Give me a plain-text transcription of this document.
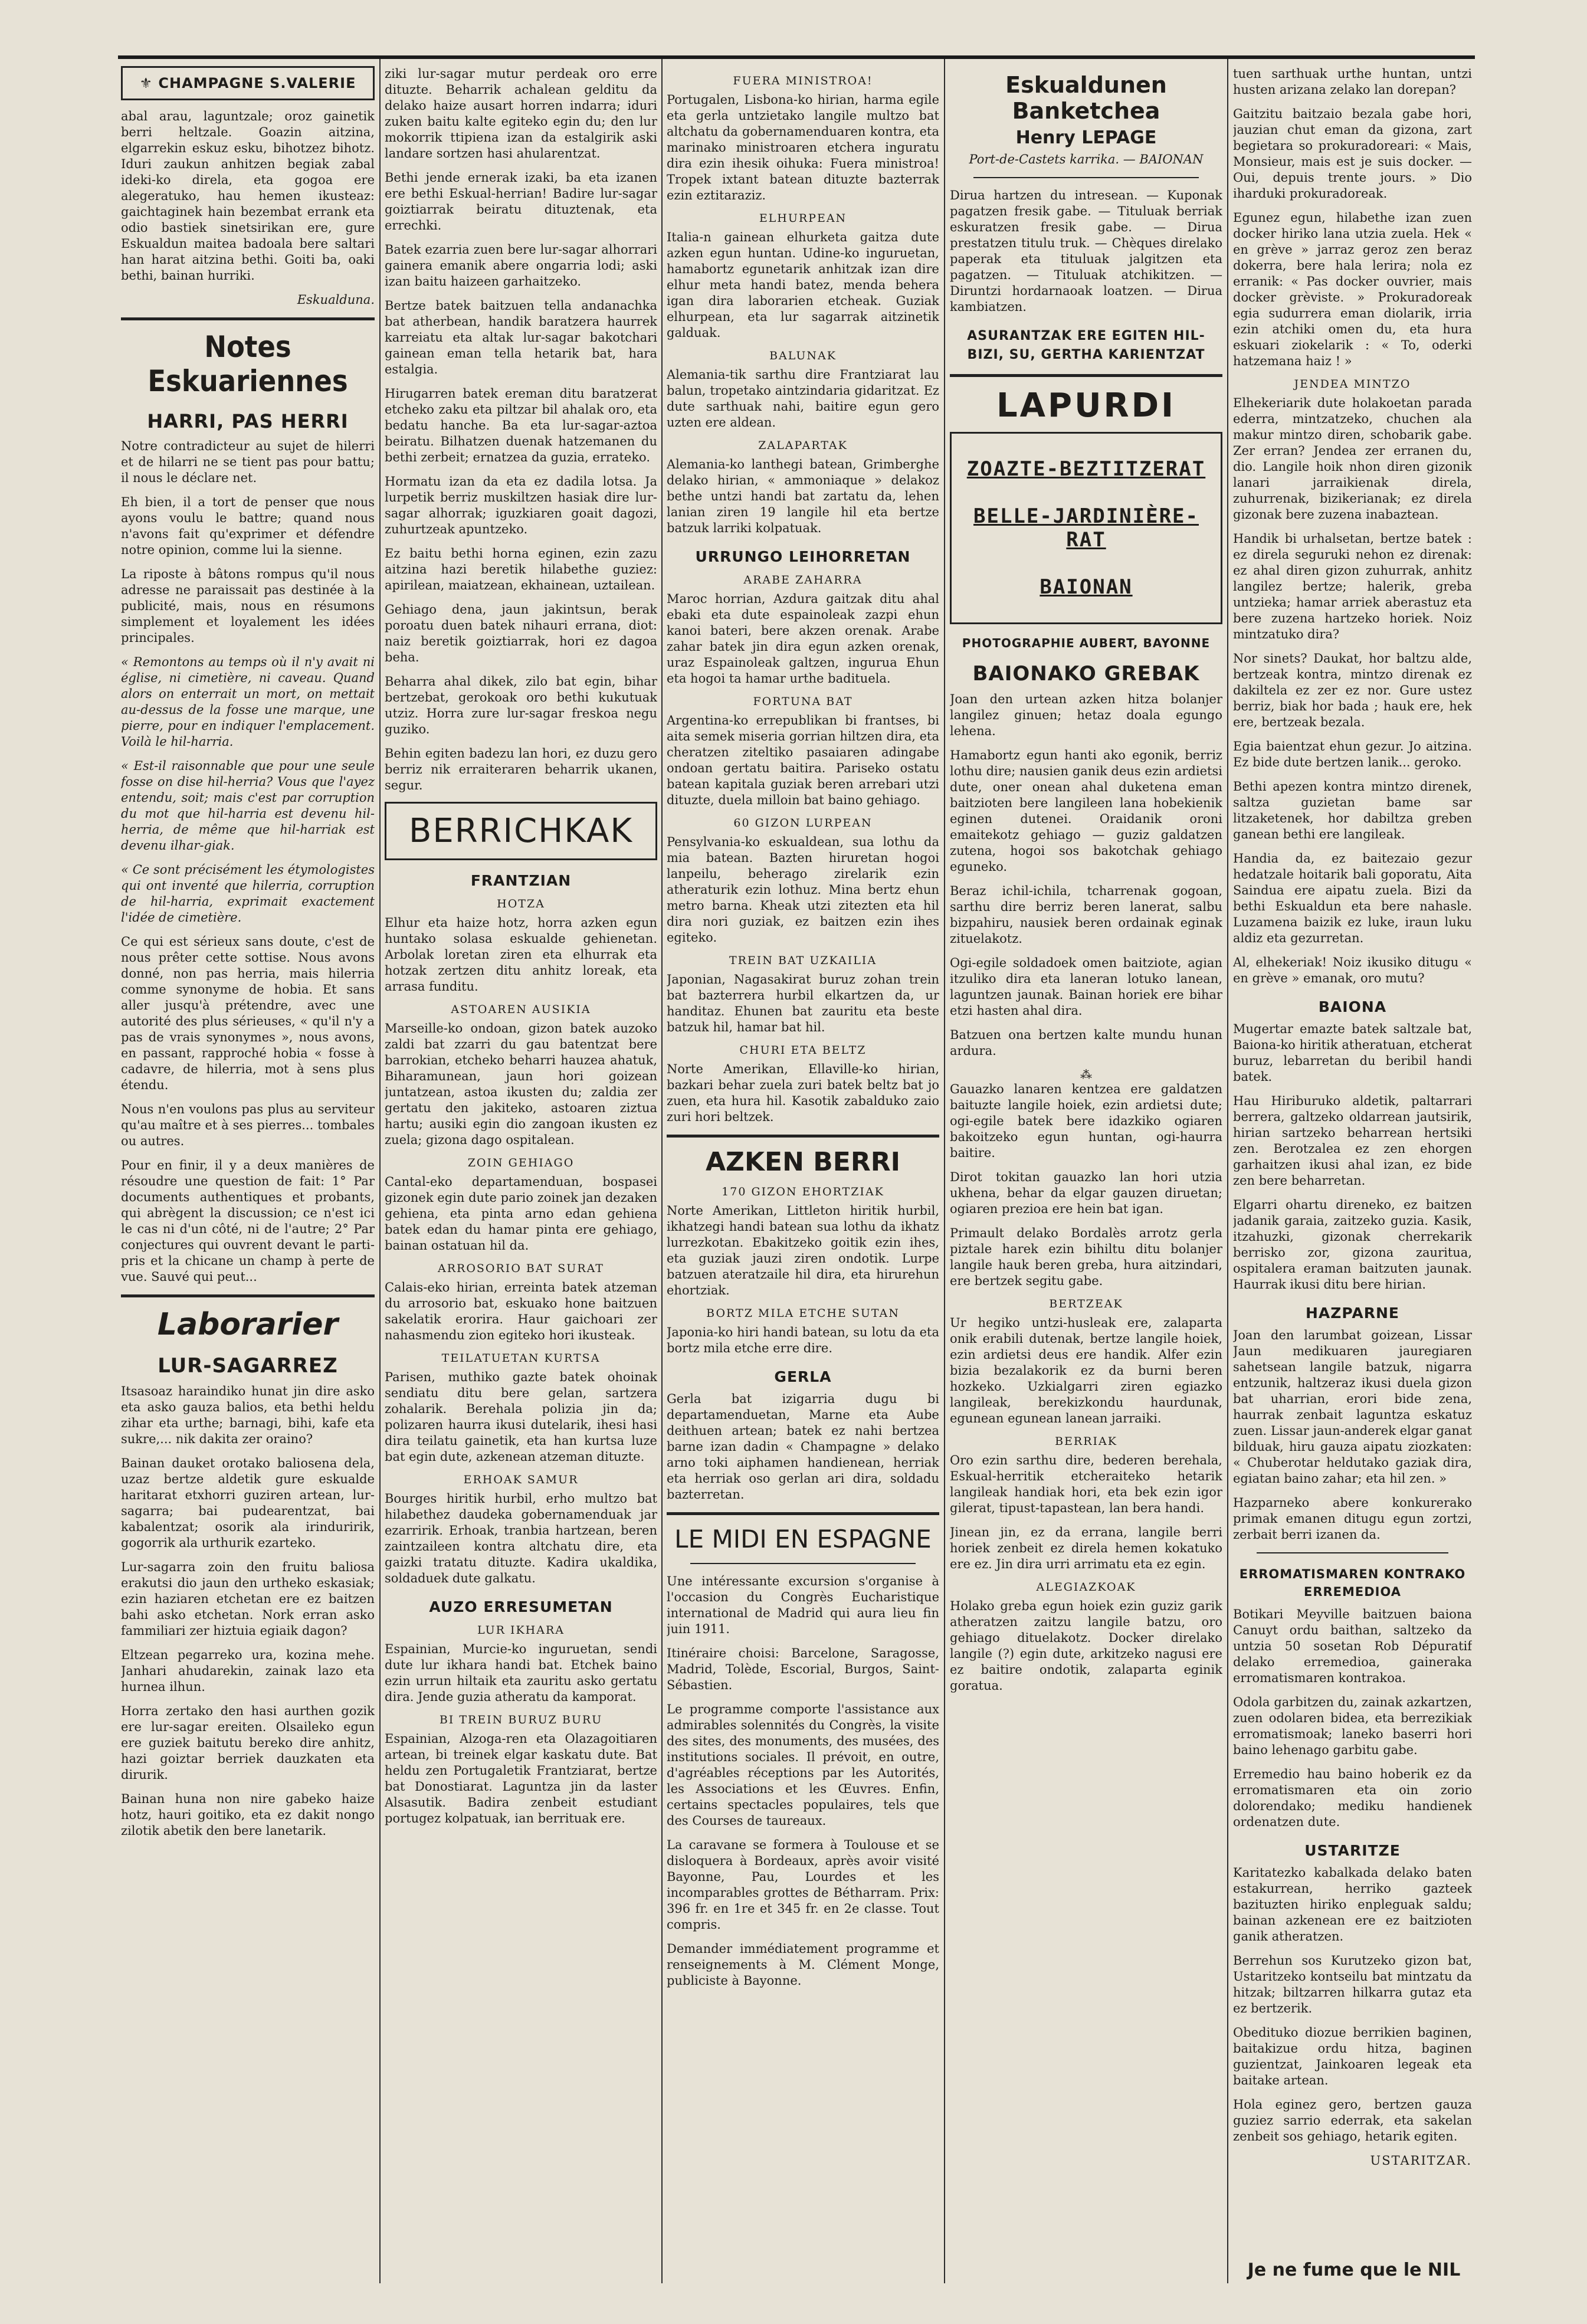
⚜ CHAMPAGNE S.VALERIE

abal arau, laguntzale; oroz gainetik berri heltzale. Goazin aitzina, elgarrekin eskuz esku, bihotzez bihotz. Iduri zaukun anhitzen begiak zabal ideki-ko direla, eta gogoa ere alegeratuko, hau hemen ikusteaz: gaichtaginek hain bezembat errank eta odio bastiek sinetsirikan ere, gure Eskualdun maitea badoala bere saltari han harat aitzina bethi. Goiti ba, oaki bethi, bainan hurriki.

Eskualduna.

Notes Eskuariennes
HARRI, PAS HERRI

Notre contradicteur au sujet de hilerri et de hilarri ne se tient pas pour battu; il nous le déclare net.

Eh bien, il a tort de penser que nous ayons voulu le battre; quand nous n'avons fait qu'exprimer et défendre notre opinion, comme lui la sienne.

La riposte à bâtons rompus qu'il nous adresse ne paraissait pas destinée à la publicité, mais, nous en résumons simplement et loyalement les idées principales.

« Remontons au temps où il n'y avait ni église, ni cimetière, ni caveau. Quand alors on enterrait un mort, on mettait au-dessus de la fosse une marque, une pierre, pour en indiquer l'emplacement. Voilà le hil-harria.

« Est-il raisonnable que pour une seule fosse on dise hil-herria? Vous que l'ayez entendu, soit; mais c'est par corruption du mot que hil-harria est devenu hil-herria, de même que hil-harriak est devenu ilhar-giak.

« Ce sont précisément les étymologistes qui ont inventé que hilerria, corruption de hil-harria, exprimait exactement l'idée de cimetière.

Ce qui est sérieux sans doute, c'est de nous prêter cette sottise. Nous avons donné, non pas herria, mais hilerria comme synonyme de hobia. Et sans aller jusqu'à prétendre, avec une autorité des plus sérieuses, « qu'il n'y a pas de vrais synonymes », nous avons, en passant, rapproché hobia « fosse à cadavre, de hilerria, mot à sens plus étendu.

Nous n'en voulons pas plus au serviteur qu'au maître et à ses pierres... tombales ou autres.

Pour en finir, il y a deux manières de résoudre une question de fait: 1° Par documents authentiques et probants, qui abrègent la discussion; ce n'est ici le cas ni d'un côté, ni de l'autre; 2° Par conjectures qui ouvrent devant le parti-pris et la chicane un champ à perte de vue. Sauvé qui peut...

Laborarier
LUR-SAGARREZ

Itsasoaz haraindiko hunat jin dire asko eta asko gauza balios, eta bethi heldu zihar eta urthe; barnagi, bihi, kafe eta sukre,... nik dakita zer oraino?

Bainan dauket orotako baliosena dela, uzaz bertze aldetik gure eskualde haritarat etxhorri guziren artean, lur-sagarra; bai pudearentzat, bai kabalentzat; osorik ala irinduririk, gogorrik ala urthurik ezarteko.

Lur-sagarra zoin den fruitu baliosa erakutsi dio jaun den urtheko eskasiak; ezin haziaren etchetan ere ez baitzen bahi asko etchetan. Nork erran asko fammiliari zer hiztuia egiaik dagon?

Eltzean pegarreko ura, kozina mehe. Janhari ahudarekin, zainak lazo eta hurnea ilhun.

Horra zertako den hasi aurthen gozik ere lur-sagar ereiten. Olsaileko egun ere guziek baitutu bereko dire anhitz, hazi goiztar berriek dauzkaten eta dirurik.

Bainan huna non nire gabeko haize hotz, hauri goitiko, eta ez dakit nongo zilotik abetik den bere lanetarik.

ziki lur-sagar mutur perdeak oro erre dituzte. Beharrik achalean gelditu da delako haize ausart horren indarra; iduri zuken baitu kalte egiteko egin du; den lur mokorrik ttipiena izan da estalgirik aski landare sortzen hasi ahularentzat.

Bethi jende ernerak izaki, ba eta izanen ere bethi Eskual-herrian! Badire lur-sagar goiztiarrak beiratu dituztenak, eta errechki.

Batek ezarria zuen bere lur-sagar alhorrari gainera emanik abere ongarria lodi; aski izan baitu haizeen garhaitzeko.

Bertze batek baitzuen tella andanachka bat atherbean, handik baratzera haurrek karreiatu eta altak lur-sagar bakotchari gainean eman tella hetarik bat, hara estalgia.

Hirugarren batek ereman ditu baratzerat etcheko zaku eta piltzar bil ahalak oro, eta bedatu hanche. Ba eta lur-sagar-aztoa beiratu. Bilhatzen duenak hatzemanen du bethi zerbeit; ernatzea da guzia, errateko.

Hormatu izan da eta ez dadila lotsa. Ja lurpetik berriz muskiltzen hasiak dire lur-sagar alhorrak; iguzkiaren goait dagozi, zuhurtzeak apuntzeko.

Ez baitu bethi horna eginen, ezin zazu aitzina hazi beretik hilabethe guziez: apirilean, maiatzean, ekhainean, uztailean.

Gehiago dena, jaun jakintsun, berak poroatu duen batek nihauri errana, diot: naiz beretik goiztiarrak, hori ez dagoa beha.

Beharra ahal dikek, zilo bat egin, bihar bertzebat, gerokoak oro bethi kukutuak utziz. Horra zure lur-sagar freskoa negu guziko.

Behin egiten badezu lan hori, ez duzu gero berriz nik erraiteraren beharrik ukanen, segur.

BERRICHKAK
FRANTZIAN
HOTZA

Elhur eta haize hotz, horra azken egun huntako solasa eskualde gehienetan. Arbolak loretan ziren eta elhurrak eta hotzak zertzen ditu anhitz loreak, eta arrasa funditu.

ASTOAREN AUSIKIA

Marseille-ko ondoan, gizon batek auzoko zaldi bat zzarri du gau batentzat bere barrokian, etcheko beharri hauzea ahatuk, Biharamunean, jaun hori goizean juntatzean, astoa ikusten du; zaldia zer gertatu den jakiteko, astoaren ziztua hartu; ausiki egin dio zangoan ikusten ez zuela; gizona dago ospitalean.

ZOIN GEHIAGO

Cantal-eko departamenduan, bospasei gizonek egin dute pario zoinek jan dezaken gehiena, eta pinta arno edan gehiena batek edan du hamar pinta ere gehiago, bainan ostatuan hil da.

ARROSORIO BAT SURAT

Calais-eko hirian, erreinta batek atzeman du arrosorio bat, eskuako hone baitzuen sakelatik erorira. Haur gaichoari zer nahasmendu zion egiteko hori ikusteak.

TEILATUETAN KURTSA

Parisen, muthiko gazte batek ohoinak sendiatu ditu bere gelan, sartzera zohalarik. Berehala polizia jin da; polizaren haurra ikusi dutelarik, ihesi hasi dira teilatu gainetik, eta han kurtsa luze bat egin dute, azkenean atzeman dituzte.

ERHOAK SAMUR

Bourges hiritik hurbil, erho multzo bat hilabethez daudeka gobernamenduak jar ezarririk. Erhoak, tranbia hartzean, beren zaintzaileen kontra altchatu dire, eta gaizki tratatu dituzte. Kadira ukaldika, soldaduek dute galkatu.

AUZO ERRESUMETAN
LUR IKHARA

Espainian, Murcie-ko inguruetan, sendi dute lur ikhara handi bat. Etchek baino ezin urrun hiltaik eta zauritu asko gertatu dira. Jende guzia atheratu da kamporat.

BI TREIN BURUZ BURU

Espainian, Alzoga-ren eta Olazagoitiaren artean, bi treinek elgar kaskatu dute. Bat heldu zen Portugaletik Frantziarat, bertze bat Donostiarat. Laguntza jin da laster Alsasutik. Badira zenbeit estudiant portugez kolpatuak, ian berrituak ere.

FUERA MINISTROA!

Portugalen, Lisbona-ko hirian, harma egile eta gerla untzietako langile multzo bat altchatu da gobernamenduaren kontra, eta marinako ministroaren etchera inguratu dira ezin ihesik oihuka: Fuera ministroa! Tropek ixtant batean dituzte bazterrak ezin eztitaraziz.

ELHURPEAN

Italia-n gainean elhurketa gaitza dute azken egun huntan. Udine-ko inguruetan, hamabortz egunetarik anhitzak izan dire elhur meta handi batez, menda behera igan dira laborarien etcheak. Guziak elhurpean, eta lur sagarrak aitzinetik galduak.

BALUNAK

Alemania-tik sarthu dire Frantziarat lau balun, tropetako aintzindaria gidaritzat. Ez dute sarthuak nahi, baitire egun gero uzten ere aldean.

ZALAPARTAK

Alemania-ko lanthegi batean, Grimberghe delako hirian, « ammoniaque » delakoz bethe untzi handi bat zartatu da, lehen lanian ziren 19 langile hil eta bertze batzuk larriki kolpatuak.

URRUNGO LEIHORRETAN
ARABE ZAHARRA

Maroc horrian, Azdura gaitzak ditu ahal ebaki eta dute espainoleak zazpi ehun kanoi bateri, bere akzen orenak. Arabe zahar batek jin dira egun azken orenak, uraz Espainoleak galtzen, ingurua Ehun eta hogoi ta hamar urthe badituela.

FORTUNA BAT

Argentina-ko errepublikan bi frantses, bi aita semek miseria gorrian hiltzen dira, eta cheratzen ziteltiko pasaiaren adingabe ondoan gertatu baitira. Pariseko ostatu batean kapitala guziak beren arrebari utzi dituzte, duela milloin bat baino gehiago.

60 GIZON LURPEAN

Pensylvania-ko eskualdean, sua lothu da mia batean. Bazten hiruretan hogoi lanpeilu, beherago zirelarik ezin atheraturik ezin lothuz. Mina bertz ehun metro barna. Kheak utzi zitezten eta hil dira nori guziak, ez baitzen ezin ihes egiteko.

TREIN BAT UZKAILIA

Japonian, Nagasakirat buruz zohan trein bat bazterrera hurbil elkartzen da, ur handitaz. Ehunen bat zauritu eta beste batzuk hil, hamar bat hil.

CHURI ETA BELTZ

Norte Amerikan, Ellaville-ko hirian, bazkari behar zuela zuri batek beltz bat jo zuen, eta hura hil. Kasotik zabalduko zaio zuri hori beltzek.

AZKEN BERRI
170 GIZON EHORTZIAK

Norte Amerikan, Littleton hiritik hurbil, ikhatzegi handi batean sua lothu da ikhatz lurrezkotan. Ebakitzeko goitik ezin ihes, eta guziak jauzi ziren ondotik. Lurpe batzuen ateratzaile hil dira, eta hirurehun ehortziak.

BORTZ MILA ETCHE SUTAN

Japonia-ko hiri handi batean, su lotu da eta bortz mila etche erre dire.

GERLA

Gerla bat izigarria dugu bi departamenduetan, Marne eta Aube deithuen artean; batek ez nahi bertzea barne izan dadin « Champagne » delako arno toki aiphamen handienean, herriak eta herriak oso gerlan ari dira, soldadu bazterretan.

LE MIDI EN ESPAGNE

Une intéressante excursion s'organise à l'occasion du Congrès Eucharistique international de Madrid qui aura lieu fin juin 1911.

Itinéraire choisi: Barcelone, Saragosse, Madrid, Tolède, Escorial, Burgos, Saint-Sébastien.

Le programme comporte l'assistance aux admirables solennités du Congrès, la visite des sites, des monuments, des musées, des institutions sociales. Il prévoit, en outre, d'agréables réceptions par les Autorités, les Associations et les Œuvres. Enfin, certains spectacles populaires, tels que des Courses de taureaux.

La caravane se formera à Toulouse et se disloquera à Bordeaux, après avoir visité Bayonne, Pau, Lourdes et les incomparables grottes de Bétharram. Prix: 396 fr. en 1re et 345 fr. en 2e classe. Tout compris.

Demander immédiatement programme et renseignements à M. Clément Monge, publiciste à Bayonne.

Eskualdunen Banketchea
Henry LEPAGE

Port-de-Castets karrika. — BAIONAN

Dirua hartzen du intresean. — Kuponak pagatzen fresik gabe. — Tituluak berriak eskuratzen fresik gabe. — Dirua prestatzen titulu truk. — Chèques direlako paperak eta tituluak jalgitzen eta pagatzen. — Tituluak atchikitzen. — Diruntzi hordarnaoak loatzen. — Dirua kambiatzen.

ASURANTZAK ERE EGITEN HIL-BIZI, SU, GERTHA KARIENTZAT
LAPURDI
ZOAZTE-BEZTITZERAT
BELLE-JARDINIÈRE-RAT
BAIONAN
PHOTOGRAPHIE AUBERT, BAYONNE
BAIONAKO GREBAK

Joan den urtean azken hitza bolanjer langilez ginuen; hetaz doala egungo lehena.

Hamabortz egun hanti ako egonik, berriz lothu dire; nausien ganik deus ezin ardietsi dute, oner onean ahal duketena eman baitzioten bere langileen lana hobekienik eginen dutenei. Oraidanik oroni emaitekotz gehiago — guziz galdatzen zutena, hogoi sos bakotchak gehiago eguneko.

Beraz ichil-ichila, tcharrenak gogoan, sarthu dire berriz beren lanerat, salbu bizpahiru, nausiek beren ordainak eginak zituelakotz.

Ogi-egile soldadoek omen baitziote, agian itzuliko dira eta laneran lotuko lanean, laguntzen jaunak. Bainan horiek ere bihar etzi hasten ahal dira.

Batzuen ona bertzen kalte mundu hunan ardura.

⁂

Gauazko lanaren kentzea ere galdatzen baituzte langile hoiek, ezin ardietsi dute; ogi-egile batek bere idazkiko ogiaren bakoitzeko egun huntan, ogi-haurra baitire.

Dirot tokitan gauazko lan hori utzia ukhena, behar da elgar gauzen diruetan; ogiaren prezioa ere hein bat igan.

Primault delako Bordalès arrotz gerla piztale harek ezin bihiltu ditu bolanjer langile hauk beren greba, hura aitzindari, ere bertzek segitu gabe.

BERTZEAK

Ur hegiko untzi-husleak ere, zalaparta onik erabili dutenak, bertze langile hoiek, ezin ardietsi deus ere handik. Alfer ezin bizia bezalakorik ez da burni beren hozkeko. Uzkialgarri ziren egiazko langileak, berekizkondu haurdunak, egunean egunean lanean jarraiki.

BERRIAK

Oro ezin sarthu dire, bederen berehala, Eskual-herritik etcheraiteko hetarik langileak handiak hori, eta bek ezin igor gilerat, tipust-tapastean, lan bera handi.

Jinean jin, ez da errana, langile berri horiek zenbeit ez direla hemen kokatuko ere ez. Jin dira urri arrimatu eta ez egin.

ALEGIAZKOAK

Holako greba egun hoiek ezin guziz garik atheratzen zaitzu langile batzu, oro gehiago dituelakotz. Docker direlako langile (?) egin dute, arkitzeko nagusi ere ez baitire ondotik, zalaparta eginik goratua.

tuen sarthuak urthe huntan, untzi husten arizana zelako lan dorepan?

Gaitzitu baitzaio bezala gabe hori, jauzian chut eman da gizona, zart begietara so prokuradoreari: « Mais, Monsieur, mais est je suis docker. — Oui, depuis trente jours. » Dio iharduki prokuradoreak.

Egunez egun, hilabethe izan zuen docker hiriko lana utzia zuela. Hek « en grève » jarraz geroz zen beraz dokerra, bere hala lerira; nola ez erranik: « Pas docker ouvrier, mais docker grèviste. » Prokuradoreak egia sudurrera eman diolarik, irria ezin atchiki omen du, eta hura eskuari ziokelarik : « To, oderki hatzemana haiz ! »

JENDEA MINTZO

Elhekeriarik dute holakoetan parada ederra, mintzatzeko, chuchen ala makur mintzo diren, schobarik gabe. Zer erran? Jendea zer erranen du, dio. Langile hoik nhon diren gizonik lanari jarraikienak direla, zuhurrenak, bizikerianak; ez direla gizonak bere zuzena inabaztean.

Handik bi urhalsetan, bertze batek : ez direla seguruki nehon ez direnak: ez ahal diren gizon zuhurrak, anhitz langilez bertze; halerik, greba untzieka; hamar arriek aberastuz eta bere zuzena hartzeko horiek. Noiz mintzatuko dira?

Nor sinets? Daukat, hor baltzu alde, bertzeak kontra, mintzo direnak ez dakiltela ez zer ez nor. Gure ustez berriz, biak hor bada ; hauk ere, hek ere, bertzeak bezala.

Egia baientzat ehun gezur. Jo aitzina. Ez bide dute bertzen lanik... geroko.

Bethi apezen kontra mintzo direnek, saltza guzietan bame sar litzaketenek, hor dabiltza greben ganean bethi ere langileak.

Handia da, ez baitezaio gezur hedatzale hoitarik bali goporatu, Aita Saindua ere aipatu zuela. Bizi da bethi Eskualdun eta bere nahasle. Luzamena baizik ez luke, iraun luku aldiz eta gezurretan.

Al, elhekeriak! Noiz ikusiko ditugu « en grève » emanak, oro mutu?

BAIONA

Mugertar emazte batek saltzale bat, Baiona-ko hiritik atheratuan, etcherat buruz, lebarretan du beribil handi batek.

Hau Hiriburuko aldetik, paltarrari berrera, galtzeko oldarrean jautsirik, hirian sartzeko beharrean hertsiki zen. Berotzalea ez zen ehorgen garhaitzen ikusi ahal izan, ez bide zen bere beharretan.

Elgarri ohartu direneko, ez baitzen jadanik garaia, zaitzeko guzia. Kasik, itzahuzki, gizonak cherrekarik berrisko zor, gizona zauritua, ospitalera eraman baitzuten jaunak. Haurrak ikusi ditu bere hirian.

HAZPARNE

Joan den larumbat goizean, Lissar Jaun medikuaren jauregiaren sahetsean langile batzuk, nigarra entzunik, haltzeraz ikusi duela gizon bat uharrian, erori bide zena, haurrak zenbait laguntza eskatuz zuen. Lissar jaun-anderek elgar ganat bilduak, hiru gauza aipatu ziozkaten: « Chuberotar heldutako gaziak dira, egiatan baino zahar; eta hil zen. »

Hazparneko abere konkurerako primak emanen ditugu egun zortzi, zerbait berri izanen da.

ERROMATISMAREN KONTRAKO ERREMEDIOA

Botikari Meyville baitzuen baiona Canuyt ordu baithan, saltzeko da untzia 50 sosetan Rob Dépuratif delako erremedioa, gaineraka erromatismaren kontrakoa.

Odola garbitzen du, zainak azkartzen, zuen odolaren bidea, eta berrezikiak erromatismoak; laneko baserri hori baino lehenago garbitu gabe.

Erremedio hau baino hoberik ez da erromatismaren eta oin zorio dolorendako; mediku handienek ordenatzen dute.

USTARITZE

Karitatezko kabalkada delako baten estakurrean, herriko gazteek bazituzten hiriko enpleguak saldu; bainan azkenean ere ez baitzioten ganik atheratzen.

Berrehun sos Kurutzeko gizon bat, Ustaritzeko kontseilu bat mintzatu da hitzak; biltzarren hilkarra gutaz eta ez bertzerik.

Obedituko diozue berrikien baginen, baitakizue ordu hitza, baginen guzientzat, Jainkoaren legeak eta baitake artean.

Hola eginez gero, bertzen gauza guziez sarrio ederrak, eta sakelan zenbeit sos gehiago, hetarik egiten.

USTARITZAR.

Je ne fume que le NIL
